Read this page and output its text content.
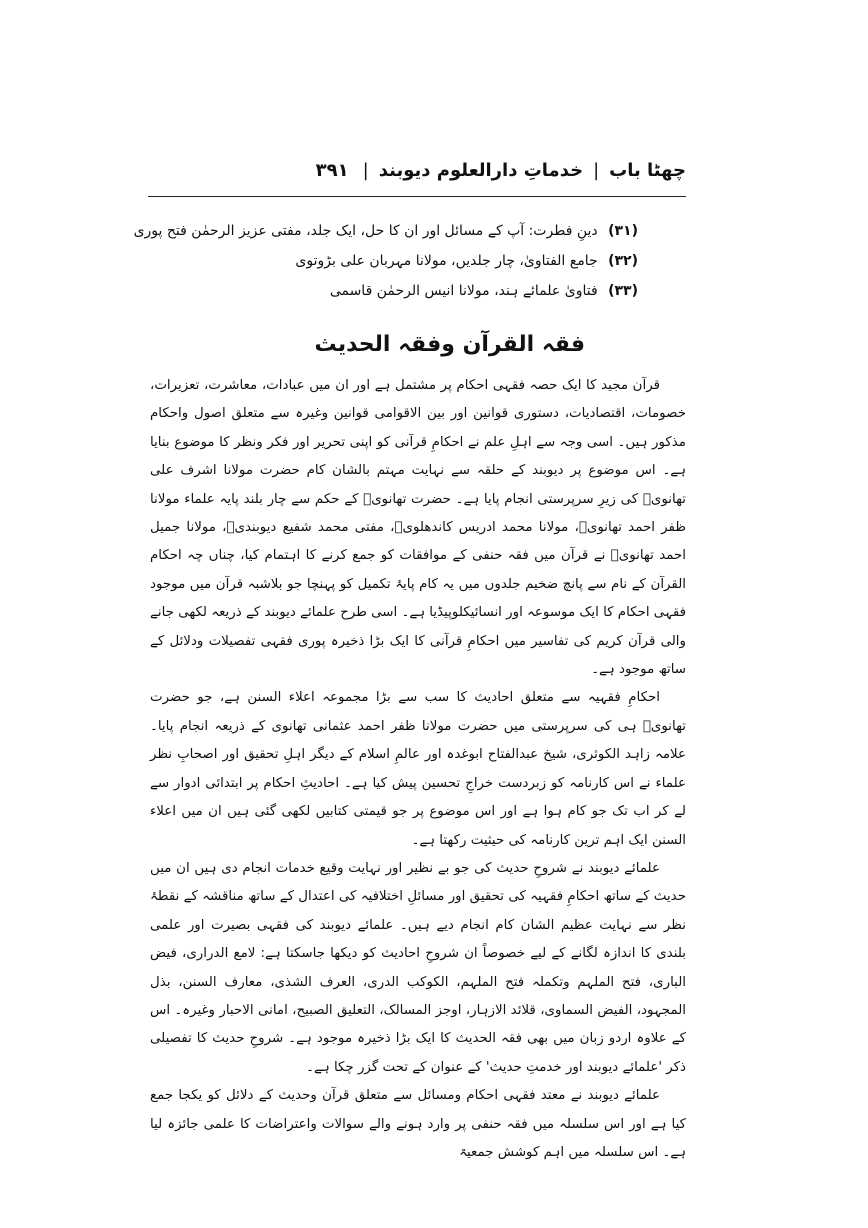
چھٹا باب
|
خدماتِ دارالعلوم دیوبند
|
۳۹۱
(۳۱) دینِ فطرت: آپ کے مسائل اور ان کا حل، ایک جلد، مفتی عزیز الرحمٰن فتح پوری
(۳۲) جامع الفتاویٰ، چار جلدیں، مولانا مہربان علی بڑوتوی
(۳۳) فتاویٰ علمائے ہند، مولانا انیس الرحمٰن قاسمی
فقہ القرآن وفقہ الحدیث

قرآن مجید کا ایک حصہ فقہی احکام پر مشتمل ہے اور ان میں عبادات، معاشرت، تعزیرات، خصومات، اقتصادیات، دستوری قوانین اور بین الاقوامی قوانین وغیرہ سے متعلق اصول واحکام مذکور ہیں۔ اسی وجہ سے اہلِ علم نے احکامِ قرآنی کو اپنی تحریر اور فکر ونظر کا موضوع بنایا ہے۔ اس موضوع پر دیوبند کے حلقہ سے نہایت مہتم بالشان کام حضرت مولانا اشرف علی تھانویؒ کی زیرِ سرپرستی انجام پایا ہے۔ حضرت تھانویؒ کے حکم سے چار بلند پایہ علماء مولانا ظفر احمد تھانویؒ، مولانا محمد ادریس کاندھلویؒ، مفتی محمد شفیع دیوبندیؒ، مولانا جمیل احمد تھانویؒ نے قرآن میں فقہ حنفی کے موافقات کو جمع کرنے کا اہتمام کیا، چناں چہ احکام القرآن کے نام سے پانچ ضخیم جلدوں میں یہ کام پایۂ تکمیل کو پہنچا جو بلاشبہ قرآن میں موجود فقہی احکام کا ایک موسوعہ اور انسائیکلوپیڈیا ہے۔ اسی طرح علمائے دیوبند کے ذریعہ لکھی جانے والی قرآن کریم کی تفاسیر میں احکامِ قرآنی کا ایک بڑا ذخیرہ پوری فقہی تفصیلات ودلائل کے ساتھ موجود ہے۔

احکامِ فقہیہ سے متعلق احادیث کا سب سے بڑا مجموعہ اعلاء السنن ہے، جو حضرت تھانویؒ ہی کی سرپرستی میں حضرت مولانا ظفر احمد عثمانی تھانوی کے ذریعہ انجام پایا۔ علامہ زاہد الکوثری، شیخ عبدالفتاح ابوغدہ اور عالمِ اسلام کے دیگر اہلِ تحقیق اور اصحابِ نظر علماء نے اس کارنامہ کو زبردست خراجِ تحسین پیش کیا ہے۔ احادیثِ احکام پر ابتدائی ادوار سے لے کر اب تک جو کام ہوا ہے اور اس موضوع پر جو قیمتی کتابیں لکھی گئی ہیں ان میں اعلاء السنن ایک اہم ترین کارنامہ کی حیثیت رکھتا ہے۔

علمائے دیوبند نے شروحِ حدیث کی جو بے نظیر اور نہایت وقیع خدمات انجام دی ہیں ان میں حدیث کے ساتھ احکامِ فقہیہ کی تحقیق اور مسائلِ اختلافیہ کی اعتدال کے ساتھ مناقشہ کے نقطۂ نظر سے نہایت عظیم الشان کام انجام دیے ہیں۔ علمائے دیوبند کی فقہی بصیرت اور علمی بلندی کا اندازہ لگانے کے لیے خصوصاً ان شروحِ احادیث کو دیکھا جاسکتا ہے: لامع الدراری، فیض الباری، فتح الملہم وتکملہ فتح الملہم، الکوکب الدری، العرف الشذی، معارف السنن، بذل المجہود، الفیض السماوی، قلائد الازہار، اوجز المسالک، التعلیق الصبیح، امانی الاحبار وغیرہ۔ اس کے علاوہ اردو زبان میں بھی فقہ الحدیث کا ایک بڑا ذخیرہ موجود ہے۔ شروحِ حدیث کا تفصیلی ذکر 'علمائے دیوبند اور خدمتِ حدیث' کے عنوان کے تحت گزر چکا ہے۔

علمائے دیوبند نے معتد فقہی احکام ومسائل سے متعلق قرآن وحدیث کے دلائل کو یکجا جمع کیا ہے اور اس سلسلہ میں فقہ حنفی پر وارد ہونے والے سوالات واعتراضات کا علمی جائزہ لیا ہے۔ اس سلسلہ میں اہم کوشش جمعیۃ
